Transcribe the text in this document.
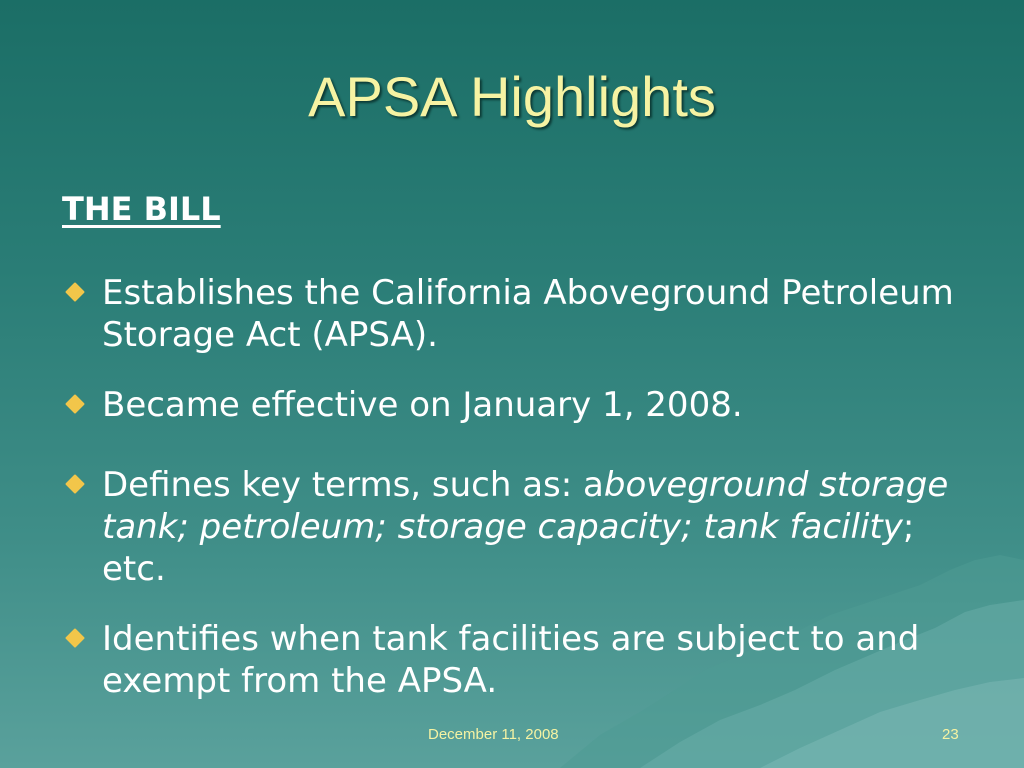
APSA Highlights
THE BILL
Establishes the California Aboveground Petroleum Storage Act (APSA).
Became effective on January 1, 2008.
Defines key terms, such as: aboveground storage tank; petroleum; storage capacity; tank facility; etc.
Identifies when tank facilities are subject to and exempt from the APSA.
December 11, 2008	23
